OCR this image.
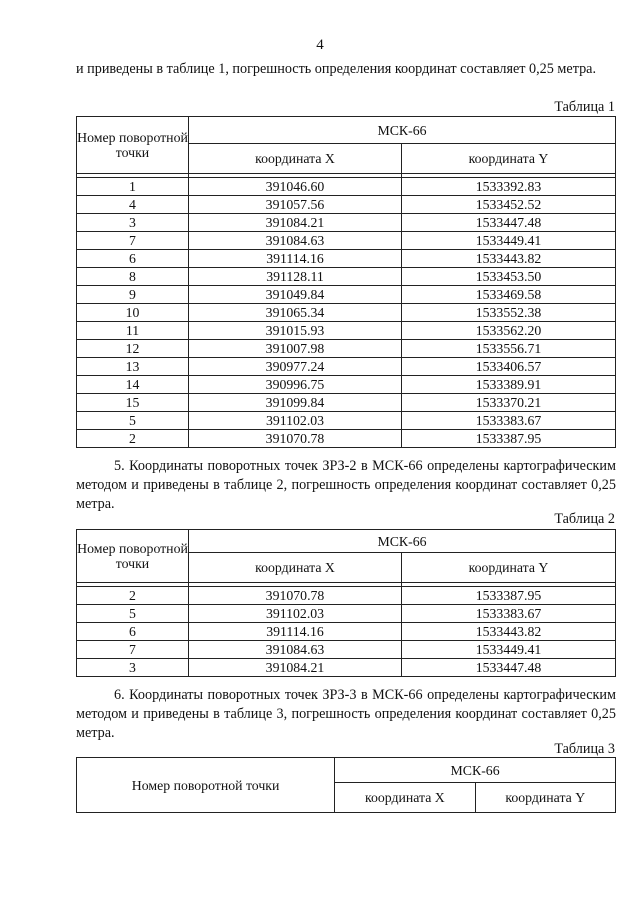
4
и приведены в таблице 1, погрешность определения координат составляет 0,25 метра.
Таблица 1
Номер поворотной точки	МСК-66	
	координата X	координата Y

1	391046.60	1533392.83
4	391057.56	1533452.52
3	391084.21	1533447.48
7	391084.63	1533449.41
6	391114.16	1533443.82
8	391128.11	1533453.50
9	391049.84	1533469.58
10	391065.34	1533552.38
11	391015.93	1533562.20
12	391007.98	1533556.71
13	390977.24	1533406.57
14	390996.75	1533389.91
15	391099.84	1533370.21
5	391102.03	1533383.67
2	391070.78	1533387.95
5. Координаты поворотных точек ЗРЗ-2 в МСК-66 определены картографическим методом и приведены в таблице 2, погрешность определения координат составляет 0,25 метра.
Таблица 2
Номер поворотной точки	МСК-66	
	координата X	координата Y

2	391070.78	1533387.95
5	391102.03	1533383.67
6	391114.16	1533443.82
7	391084.63	1533449.41
3	391084.21	1533447.48
6. Координаты поворотных точек ЗРЗ-3 в МСК-66 определены картографическим методом и приведены в таблице 3, погрешность определения координат составляет 0,25 метра.
Таблица 3
Номер поворотной точки	МСК-66	
	координата X	координата Y
